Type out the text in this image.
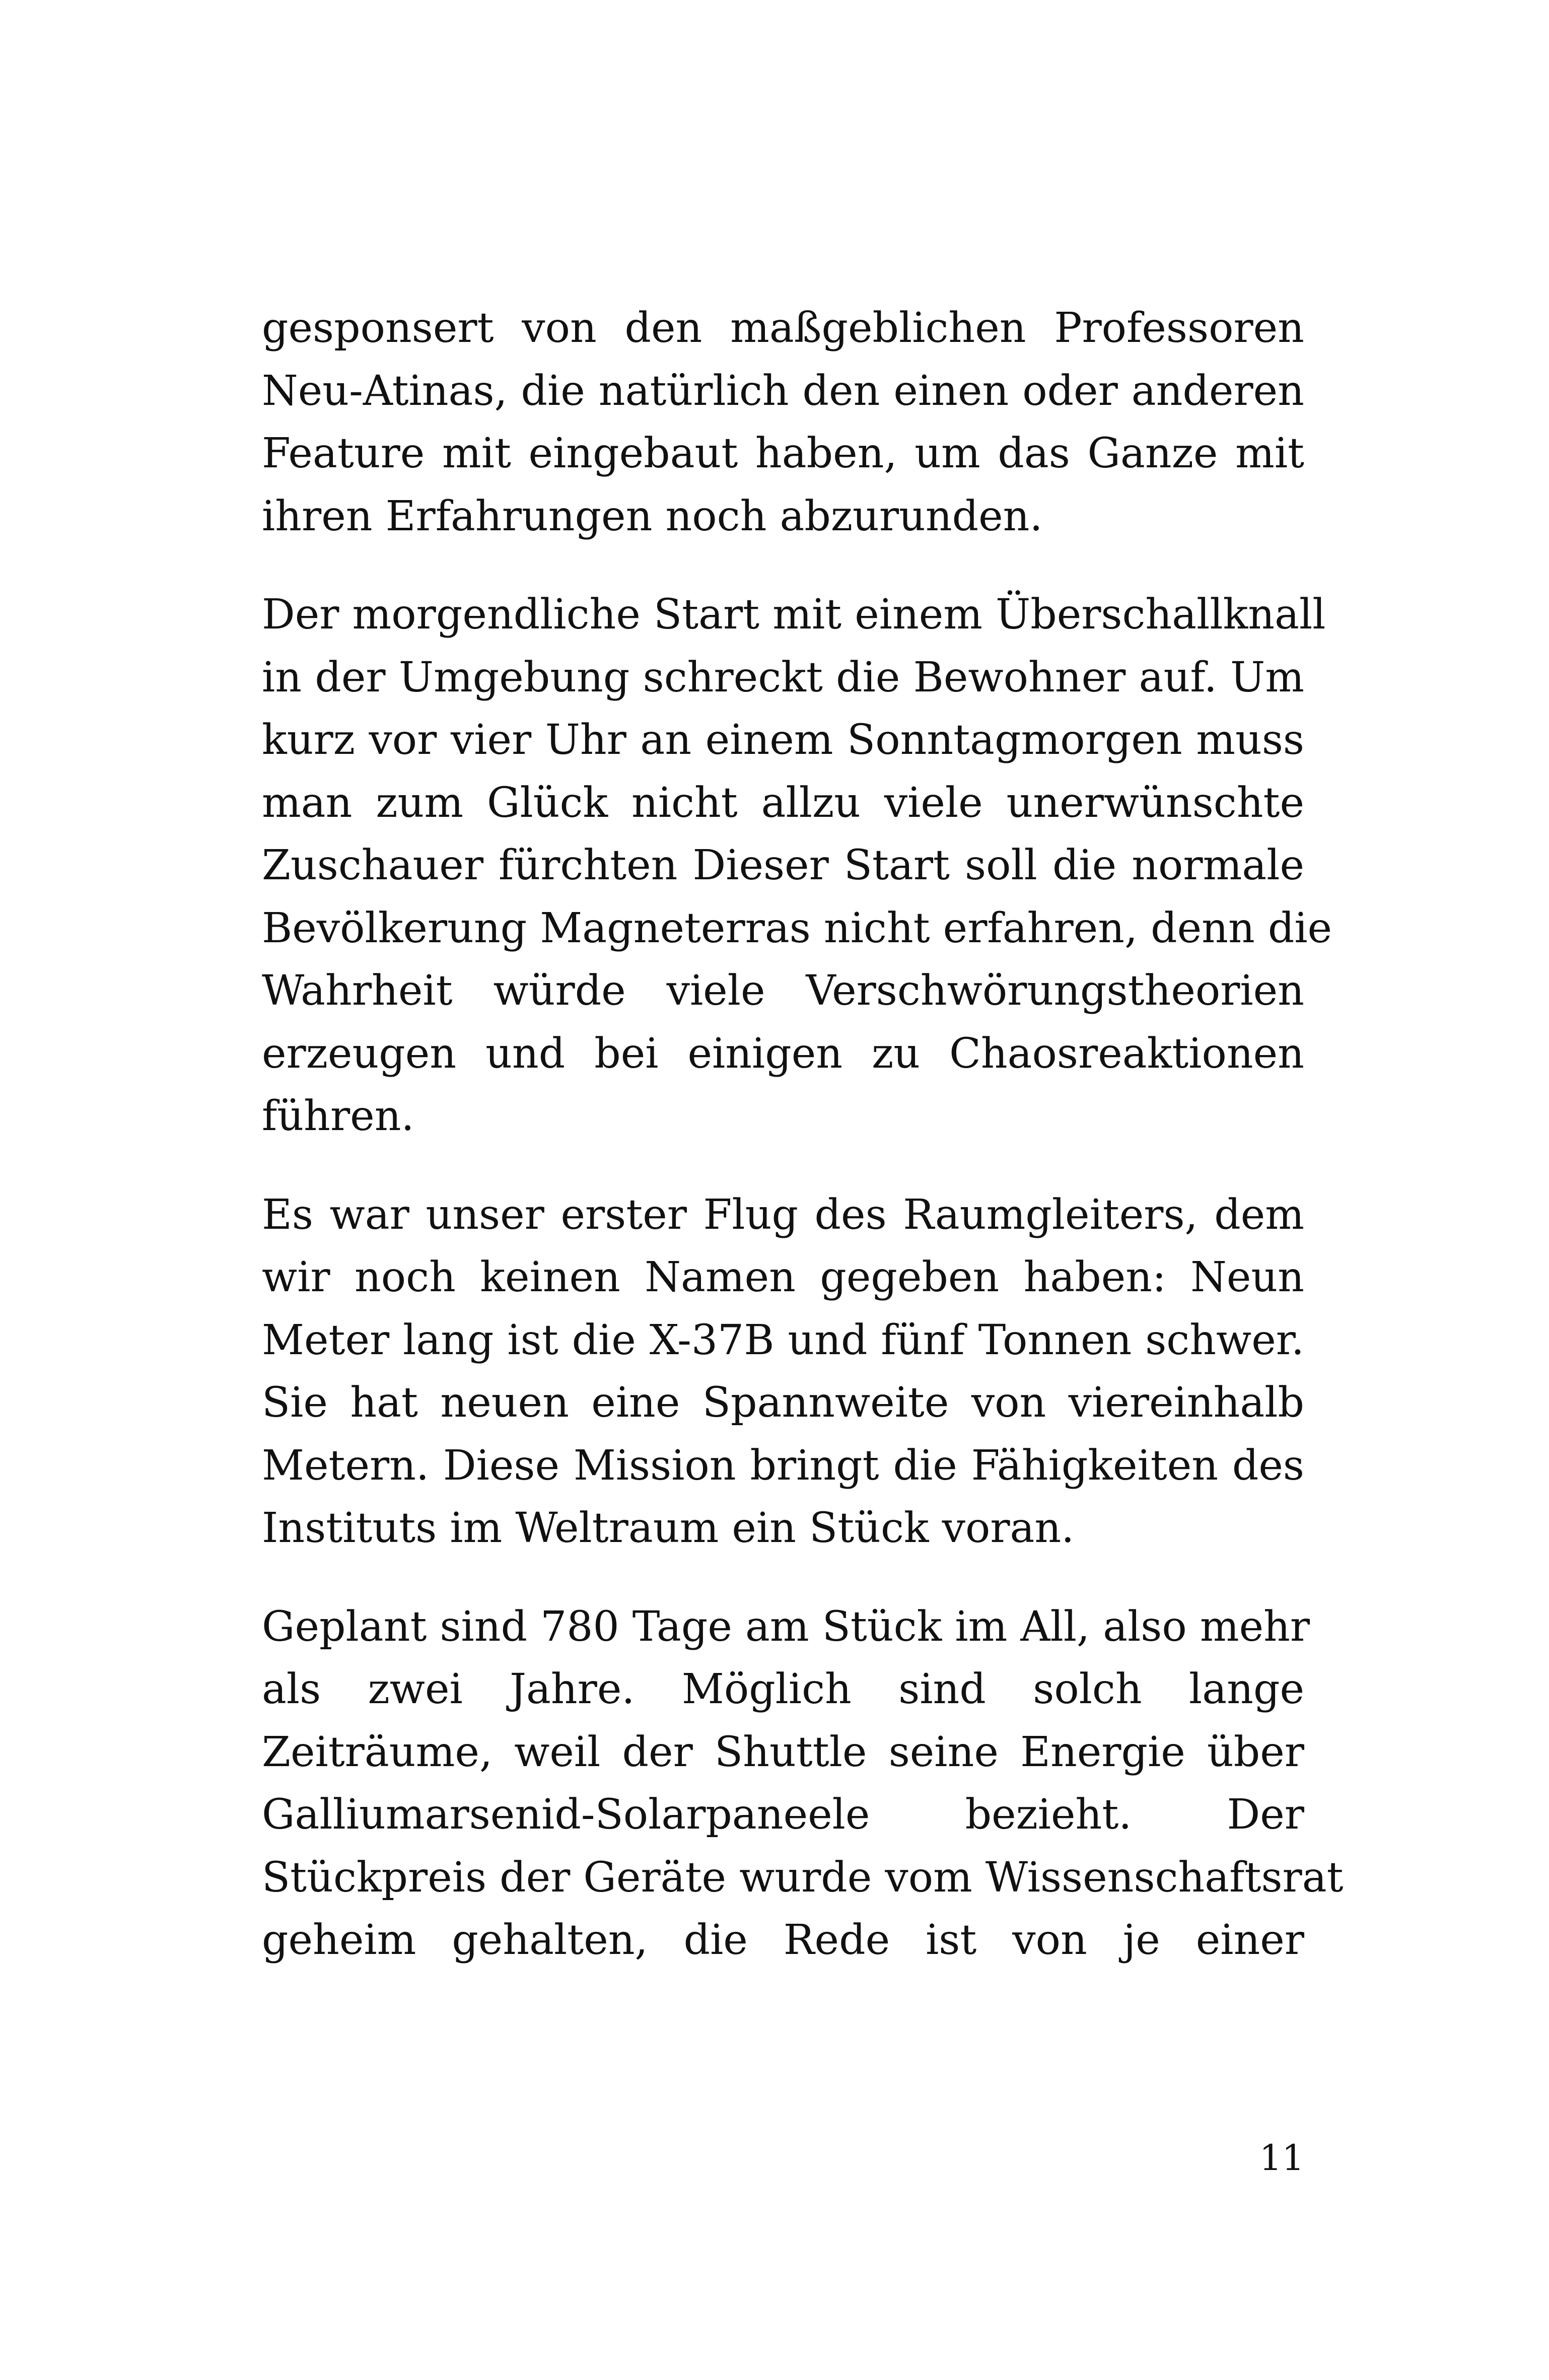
gesponsert von den maßgeblichen Professoren
Neu-Atinas, die natürlich den einen oder anderen
Feature mit eingebaut haben, um das Ganze mit
ihren Erfahrungen noch abzurunden.

Der morgendliche Start mit einem Überschallknall
in der Umgebung schreckt die Bewohner auf. Um
kurz vor vier Uhr an einem Sonntagmorgen muss
man zum Glück nicht allzu viele unerwünschte
Zuschauer fürchten Dieser Start soll die normale
Bevölkerung Magneterras nicht erfahren, denn die
Wahrheit würde viele Verschwörungstheorien
erzeugen und bei einigen zu Chaosreaktionen
führen.

Es war unser erster Flug des Raumgleiters, dem
wir noch keinen Namen gegeben haben: Neun
Meter lang ist die X-37B und fünf Tonnen schwer.
Sie hat neuen eine Spannweite von viereinhalb
Metern. Diese Mission bringt die Fähigkeiten des
Instituts im Weltraum ein Stück voran.

Geplant sind 780 Tage am Stück im All, also mehr
als zwei Jahre. Möglich sind solch lange
Zeiträume, weil der Shuttle seine Energie über
Galliumarsenid-Solarpaneele bezieht. Der
Stückpreis der Geräte wurde vom Wissenschaftsrat
geheim gehalten, die Rede ist von je einer

11
